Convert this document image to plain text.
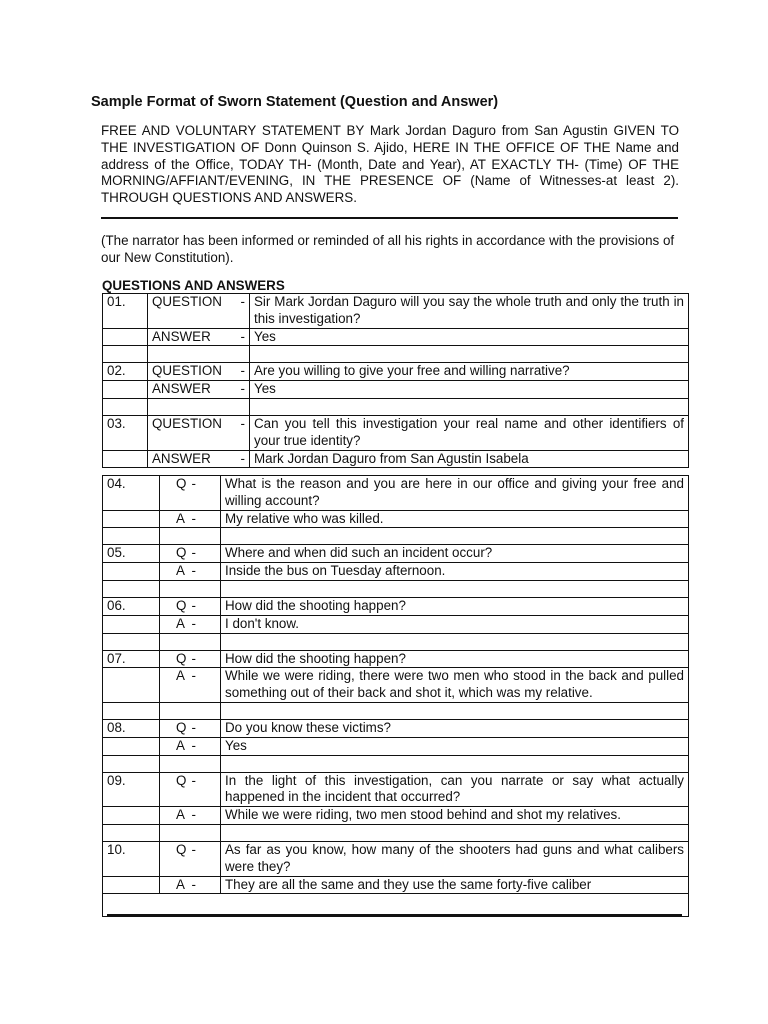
Sample Format of Sworn Statement (Question and Answer)
FREE AND VOLUNTARY STATEMENT BY Mark Jordan Daguro from San Agustin GIVEN TO THE INVESTIGATION OF Donn Quinson S. Ajido, HERE IN THE OFFICE OF THE Name and address of the Office, TODAY TH- (Month, Date and Year), AT EXACTLY TH- (Time) OF THE MORNING/AFFIANT/EVENING, IN THE PRESENCE OF (Name of Witnesses-at least 2). THROUGH QUESTIONS AND ANSWERS.
(The narrator has been informed or reminded of all his rights in accordance with the provisions of our New Constitution).
QUESTIONS AND ANSWERS
01.	QUESTION -	Sir Mark Jordan Daguro will you say the whole truth and only the truth in this investigation?

	ANSWER -	Yes

02.	QUESTION -	Are you willing to give your free and willing narrative?

	ANSWER -	Yes

03.	QUESTION -	Can you tell this investigation your real name and other identifiers of your true identity?

	ANSWER -	Mark Jordan Daguro from San Agustin Isabela
04.	Q -	What is the reason and you are here in our office and giving your free and willing account?

	A -	My relative who was killed.

05.	Q -	Where and when did such an incident occur?

	A -	Inside the bus on Tuesday afternoon.

06.	Q -	How did the shooting happen?

	A -	I don't know.

07.	Q -	How did the shooting happen?

	A -	While we were riding, there were two men who stood in the back and pulled something out of their back and shot it, which was my relative.

08.	Q -	Do you know these victims?

	A -	Yes

09.	Q -	In the light of this investigation, can you narrate or say what actually happened in the incident that occurred?

	A -	While we were riding, two men stood behind and shot my relatives.

10.	Q -	As far as you know, how many of the shooters had guns and what calibers were they?

	A -	They are all the same and they use the same forty-five caliber
